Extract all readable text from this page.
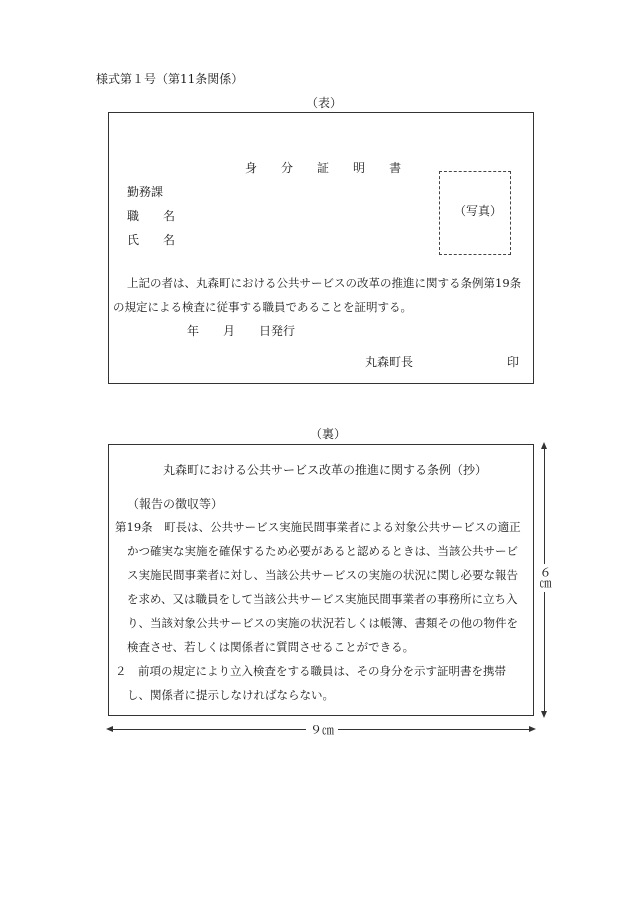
様式第１号（第11条関係）
（表）
身 分 証 明 書
勤務課
職　　名
氏　　名
（写真）
上記の者は、丸森町における公共サービスの改革の推進に関する条例第19条
の規定による検査に従事する職員であることを証明する。
年　　月　　日発行
丸森町長	印
（裏）
丸森町における公共サービス改革の推進に関する条例（抄）
（報告の徴収等）
第19条　町長は、公共サービス実施民間事業者による対象公共サービスの適正
かつ確実な実施を確保するため必要があると認めるときは、当該公共サービ
ス実施民間事業者に対し、当該公共サービスの実施の状況に関し必要な報告
を求め、又は職員をして当該公共サービス実施民間事業者の事務所に立ち入
り、当該対象公共サービスの実施の状況若しくは帳簿、書類その他の物件を
検査させ、若しくは関係者に質問させることができる。
２　前項の規定により立入検査をする職員は、その身分を示す証明書を携帯
し、関係者に提示しなければならない。
９㎝
６㎝
